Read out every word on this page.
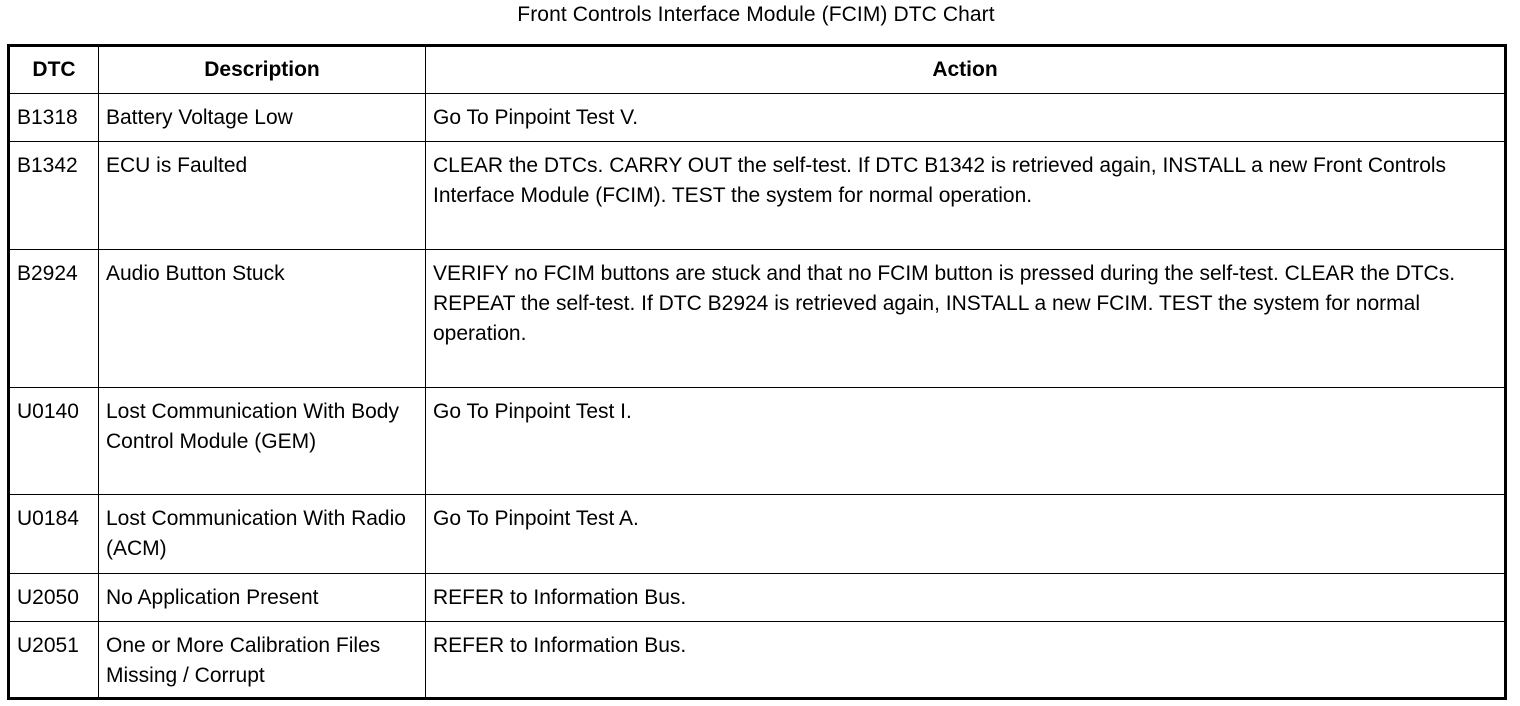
Front Controls Interface Module (FCIM) DTC Chart
DTC	Description	Action
B1318	Battery Voltage Low	Go To Pinpoint Test V.
B1342	ECU is Faulted	CLEAR the DTCs. CARRY OUT the self-test. If DTC B1342 is retrieved again, INSTALL a new Front Controls Interface Module (FCIM). TEST the system for normal operation.
B2924	Audio Button Stuck	VERIFY no FCIM buttons are stuck and that no FCIM button is pressed during the self-test. CLEAR the DTCs. REPEAT the self-test. If DTC B2924 is retrieved again, INSTALL a new FCIM. TEST the system for normal operation.
U0140	Lost Communication With Body Control Module (GEM)	Go To Pinpoint Test I.
U0184	Lost Communication With Radio (ACM)	Go To Pinpoint Test A.
U2050	No Application Present	REFER to Information Bus.
U2051	One or More Calibration Files Missing / Corrupt	REFER to Information Bus.
